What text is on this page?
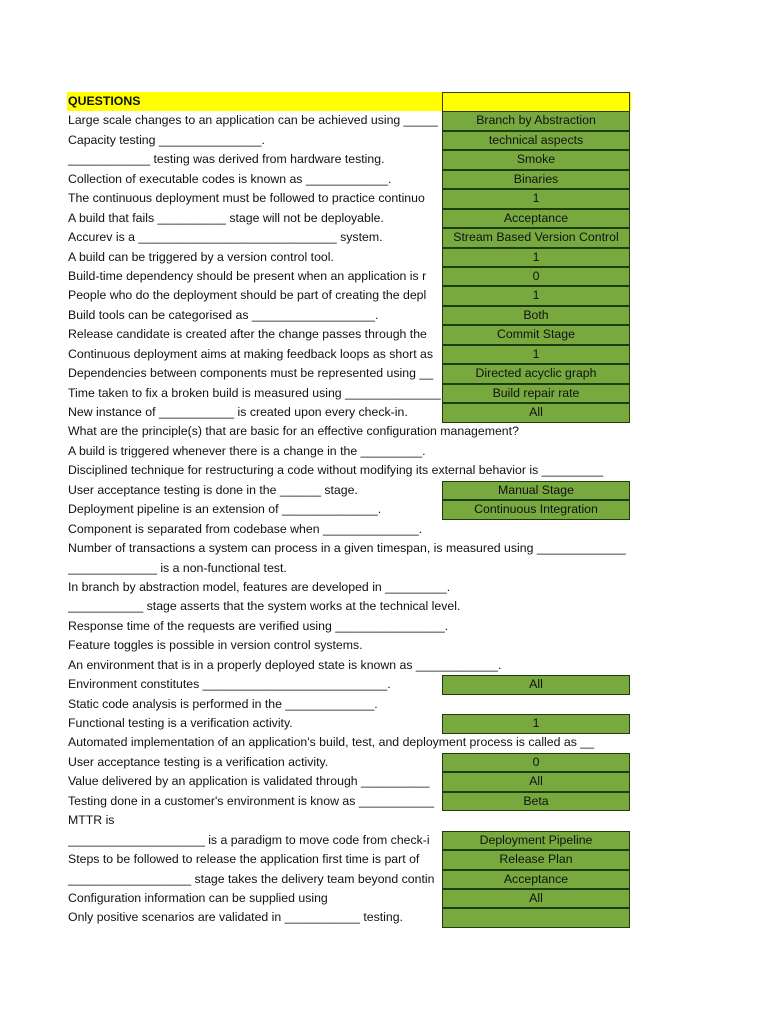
QUESTIONS
Large scale changes to an application can be achieved using _____	Branch by Abstraction
Capacity testing _______________.	technical aspects
____________ testing was derived from hardware testing.	Smoke
Collection of executable codes is known as ____________.	Binaries
The continuous deployment must be followed to practice continuo	1
A build that fails __________ stage will not be deployable.	Acceptance
Accurev is a _____________________________ system.	Stream Based Version Control
A build can be triggered by a version control tool.	1
Build-time dependency should be present when an application is r	0
People who do the deployment should be part of creating the depl	1
Build tools can be categorised as __________________.	Both
Release candidate is created after the change passes through the	Commit Stage
Continuous deployment aims at making feedback loops as short as	1
Dependencies between components must be represented using __	Directed acyclic graph
Time taken to fix a broken build is measured using ______________	Build repair rate
New instance of ___________ is created upon every check-in.	All
What are the principle(s) that are basic for an effective configuration management?
A build is triggered whenever there is a change in the _________.
Disciplined technique for restructuring a code without modifying its external behavior is _________
User acceptance testing is done in the ______ stage.	Manual Stage
Deployment pipeline is an extension of ______________.	Continuous Integration
Component is separated from codebase when ______________.
Number of transactions a system can process in a given timespan, is measured using _____________
_____________ is a non-functional test.
In branch by abstraction model, features are developed in _________.
___________ stage asserts that the system works at the technical level.
Response time of the requests are verified using ________________.
Feature toggles is possible in version control systems.
An environment that is in a properly deployed state is known as ____________.
Environment constitutes ___________________________.	All
Static code analysis is performed in the _____________.
Functional testing is a verification activity.	1
Automated implementation of an application's build, test, and deployment process is called as __
User acceptance testing is a verification activity.	0
Value delivered by an application is validated through __________	All
Testing done in a customer's environment is know as ___________	Beta
MTTR is
____________________ is a paradigm to move code from check-i	Deployment Pipeline
Steps to be followed to release the application first time is part of	Release Plan
__________________ stage takes the delivery team beyond contin	Acceptance
Configuration information can be supplied using	All
Only positive scenarios are validated in ___________ testing.
